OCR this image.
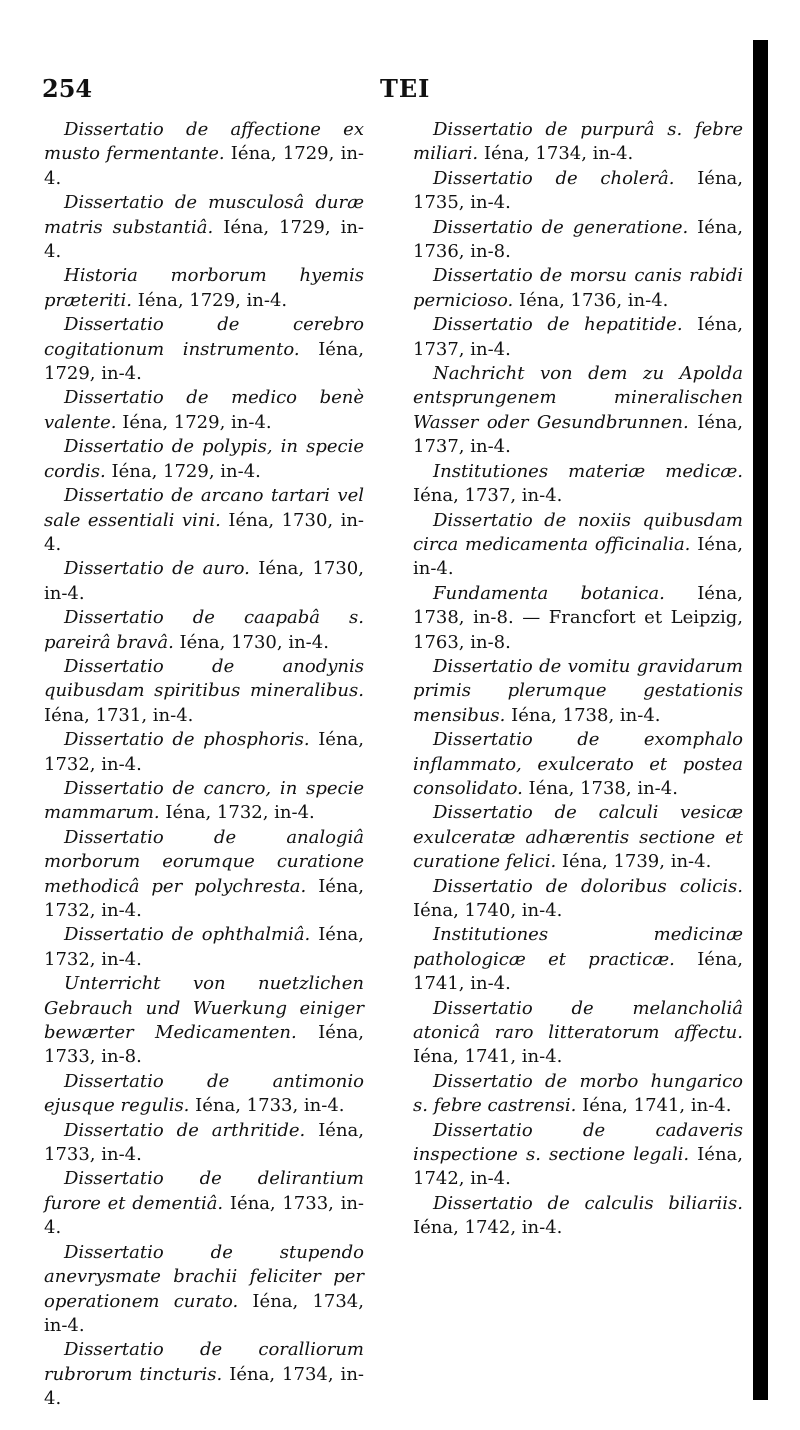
254	TEI

Dissertatio de affectione ex musto fermentante. Iéna, 1729, in-4.

Dissertatio de musculosâ duræ matris substantiâ. Iéna, 1729, in-4.

Historia morborum hyemis præteriti. Iéna, 1729, in-4.

Dissertatio de cerebro cogitationum instrumento. Iéna, 1729, in-4.

Dissertatio de medico benè valente. Iéna, 1729, in-4.

Dissertatio de polypis, in specie cordis. Iéna, 1729, in-4.

Dissertatio de arcano tartari vel sale essentiali vini. Iéna, 1730, in-4.

Dissertatio de auro. Iéna, 1730, in-4.

Dissertatio de caapabâ s. pareirâ bravâ. Iéna, 1730, in-4.

Dissertatio de anodynis quibusdam spiritibus mineralibus. Iéna, 1731, in-4.

Dissertatio de phosphoris. Iéna, 1732, in-4.

Dissertatio de cancro, in specie mammarum. Iéna, 1732, in-4.

Dissertatio de analogiâ morborum eorumque curatione methodicâ per polychresta. Iéna, 1732, in-4.

Dissertatio de ophthalmiâ. Iéna, 1732, in-4.

Unterricht von nuetzlichen Gebrauch und Wuerkung einiger bewærter Medicamenten. Iéna, 1733, in-8.

Dissertatio de antimonio ejusque regulis. Iéna, 1733, in-4.

Dissertatio de arthritide. Iéna, 1733, in-4.

Dissertatio de delirantium furore et dementiâ. Iéna, 1733, in-4.

Dissertatio de stupendo anevrysmate brachii feliciter per operationem curato. Iéna, 1734, in-4.

Dissertatio de coralliorum rubrorum tincturis. Iéna, 1734, in-4.

Dissertatio de purpurâ s. febre miliari. Iéna, 1734, in-4.

Dissertatio de cholerâ. Iéna, 1735, in-4.

Dissertatio de generatione. Iéna, 1736, in-8.

Dissertatio de morsu canis rabidi pernicioso. Iéna, 1736, in-4.

Dissertatio de hepatitide. Iéna, 1737, in-4.

Nachricht von dem zu Apolda entsprungenem mineralischen Wasser oder Gesundbrunnen. Iéna, 1737, in-4.

Institutiones materiæ medicæ. Iéna, 1737, in-4.

Dissertatio de noxiis quibusdam circa medicamenta officinalia. Iéna, in-4.

Fundamenta botanica. Iéna, 1738, in-8. — Francfort et Leipzig, 1763, in-8.

Dissertatio de vomitu gravidarum primis plerumque gestationis mensibus. Iéna, 1738, in-4.

Dissertatio de exomphalo inflammato, exulcerato et postea consolidato. Iéna, 1738, in-4.

Dissertatio de calculi vesicæ exulceratæ adhærentis sectione et curatione felici. Iéna, 1739, in-4.

Dissertatio de doloribus colicis. Iéna, 1740, in-4.

Institutiones medicinæ pathologicæ et practicæ. Iéna, 1741, in-4.

Dissertatio de melancholiâ atonicâ raro litteratorum affectu. Iéna, 1741, in-4.

Dissertatio de morbo hungarico s. febre castrensi. Iéna, 1741, in-4.

Dissertatio de cadaveris inspectione s. sectione legali. Iéna, 1742, in-4.

Dissertatio de calculis biliariis. Iéna, 1742, in-4.
